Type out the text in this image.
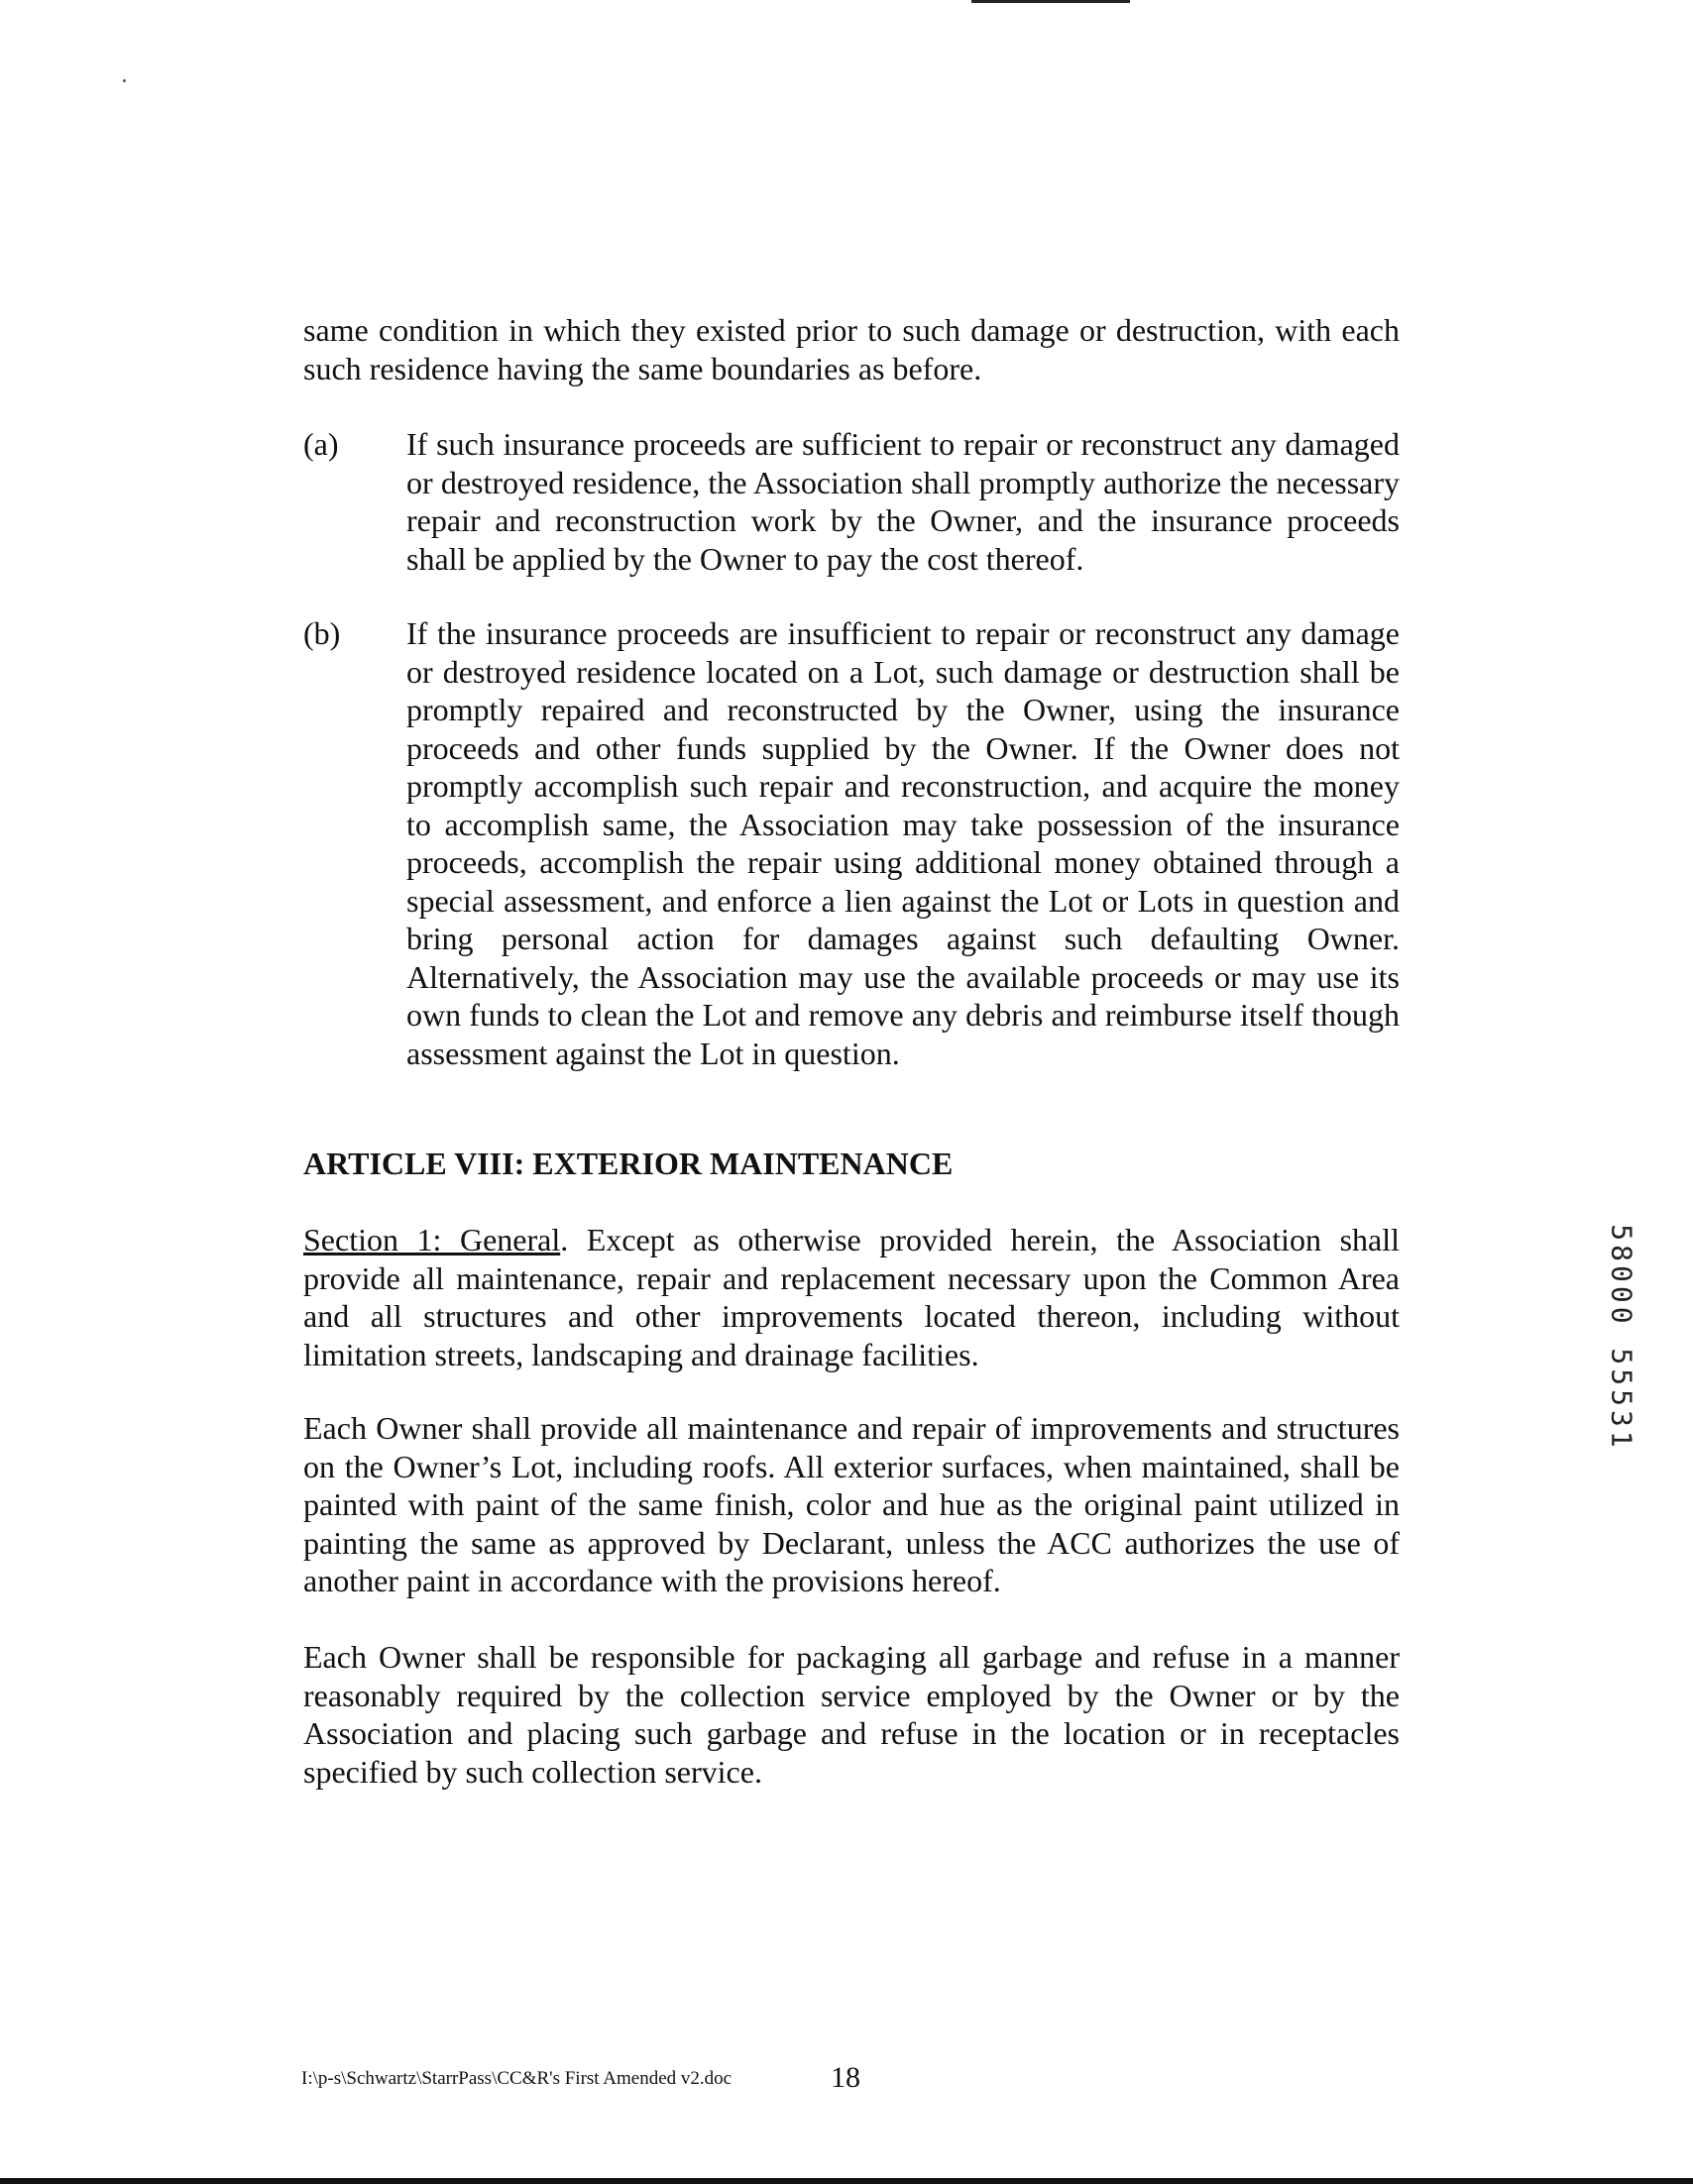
same condition in which they existed prior to such damage or destruction, with each such residence having the same boundaries as before.

(a) If such insurance proceeds are sufficient to repair or reconstruct any damaged or destroyed residence, the Association shall promptly authorize the necessary repair and reconstruction work by the Owner, and the insurance proceeds shall be applied by the Owner to pay the cost thereof.
(b) If the insurance proceeds are insufficient to repair or reconstruct any damage or destroyed residence located on a Lot, such damage or destruction shall be promptly repaired and reconstructed by the Owner, using the insurance proceeds and other funds supplied by the Owner. If the Owner does not promptly accomplish such repair and reconstruction, and acquire the money to accomplish same, the Association may take possession of the insurance proceeds, accomplish the repair using additional money obtained through a special assessment, and enforce a lien against the Lot or Lots in question and bring personal action for damages against such defaulting Owner. Alternatively, the Association may use the available proceeds or may use its own funds to clean the Lot and remove any debris and reimburse itself though assessment against the Lot in question.
ARTICLE VIII: EXTERIOR MAINTENANCE

Section 1: General. Except as otherwise provided herein, the Association shall provide all maintenance, repair and replacement necessary upon the Common Area and all structures and other improvements located thereon, including without limitation streets, landscaping and drainage facilities.

Each Owner shall provide all maintenance and repair of improvements and structures on the Owner’s Lot, including roofs. All exterior surfaces, when maintained, shall be painted with paint of the same finish, color and hue as the original paint utilized in painting the same as approved by Declarant, unless the ACC authorizes the use of another paint in accordance with the provisions hereof.

Each Owner shall be responsible for packaging all garbage and refuse in a manner reasonably required by the collection service employed by the Owner or by the Association and placing such garbage and refuse in the location or in receptacles specified by such collection service.

58000 55531
I:\p-s\Schwartz\StarrPass\CC&R's First Amended v2.doc	18
